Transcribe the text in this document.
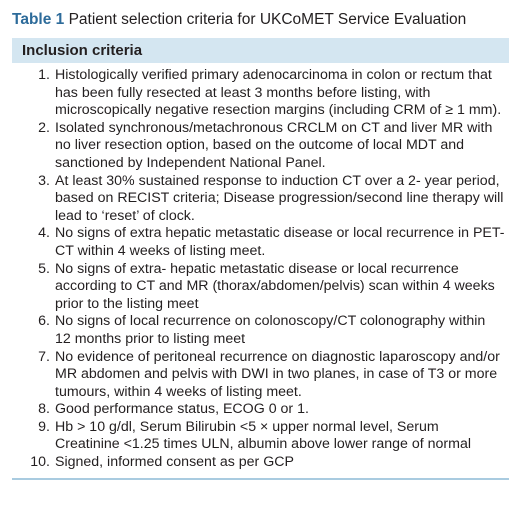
Table 1 Patient selection criteria for UKCoMET Service Evaluation
Inclusion criteria
1. Histologically verified primary adenocarcinoma in colon or rectum that has been fully resected at least 3 months before listing, with microscopically negative resection margins (including CRM of ≥ 1 mm).
2. Isolated synchronous/metachronous CRCLM on CT and liver MR with no liver resection option, based on the outcome of local MDT and sanctioned by Independent National Panel.
3. At least 30% sustained response to induction CT over a 2- year period, based on RECIST criteria; Disease progression/second line therapy will lead to ‘reset’ of clock.
4. No signs of extra hepatic metastatic disease or local recurrence in PET- CT within 4 weeks of listing meet.
5. No signs of extra- hepatic metastatic disease or local recurrence according to CT and MR (thorax/abdomen/pelvis) scan within 4 weeks prior to the listing meet
6. No signs of local recurrence on colonoscopy/CT colonography within 12 months prior to listing meet
7. No evidence of peritoneal recurrence on diagnostic laparoscopy and/or MR abdomen and pelvis with DWI in two planes, in case of T3 or more tumours, within 4 weeks of listing meet.
8. Good performance status, ECOG 0 or 1.
9. Hb > 10 g/dl, Serum Bilirubin <5 × upper normal level, Serum Creatinine <1.25 times ULN, albumin above lower range of normal
10. Signed, informed consent as per GCP
